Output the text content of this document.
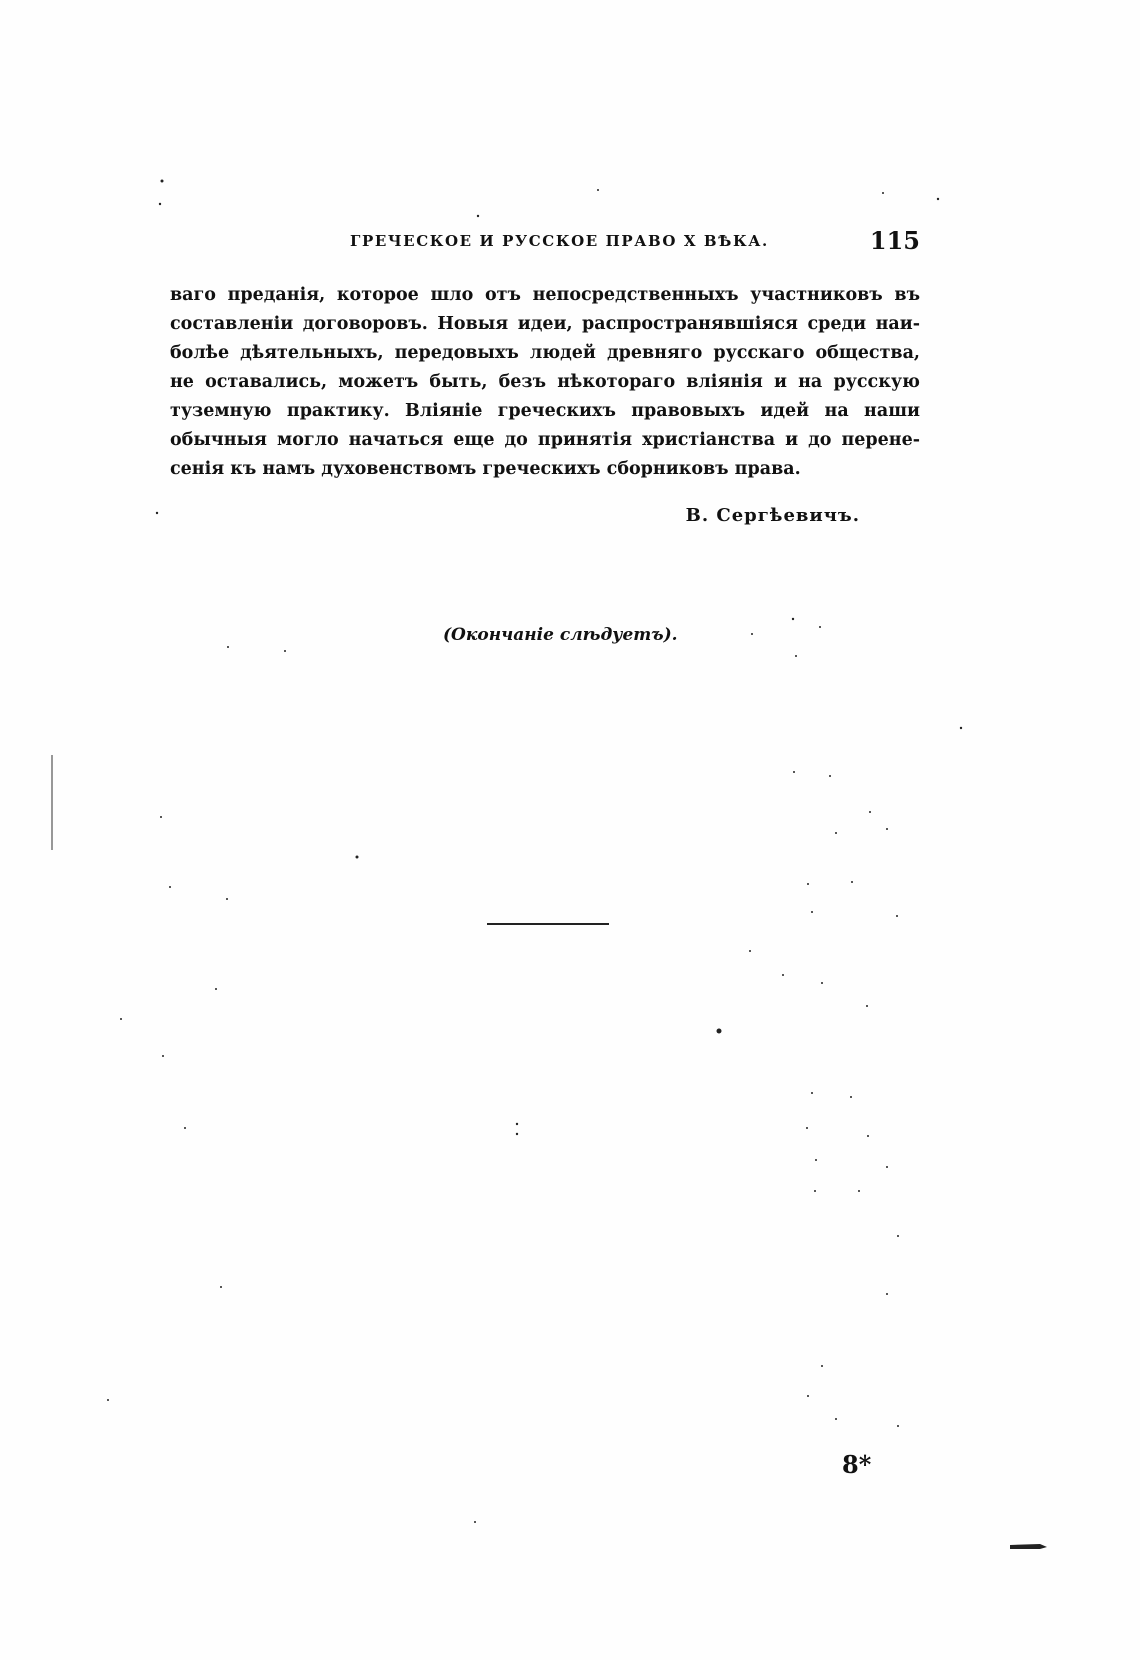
ГРЕЧЕСКОЕ И РУССКОЕ ПРАВО X ВѢКА.	115
ваго преданія, которое шло отъ непосредственныхъ участниковъ въ
составленіи договоровъ. Новыя идеи, распространявшіяся среди наи-
болѣе дѣятельныхъ, передовыхъ людей древняго русскаго общества,
не оставались, можетъ быть, безъ нѣкотораго вліянія и на русскую
туземную практику. Вліяніе греческихъ правовыхъ идей на наши
обычныя могло начаться еще до принятія христіанства и до перене-
сенія къ намъ духовенствомъ греческихъ сборниковъ права.
В. Сергѣевичъ.
(Окончаніе слѣдуетъ).
8*
